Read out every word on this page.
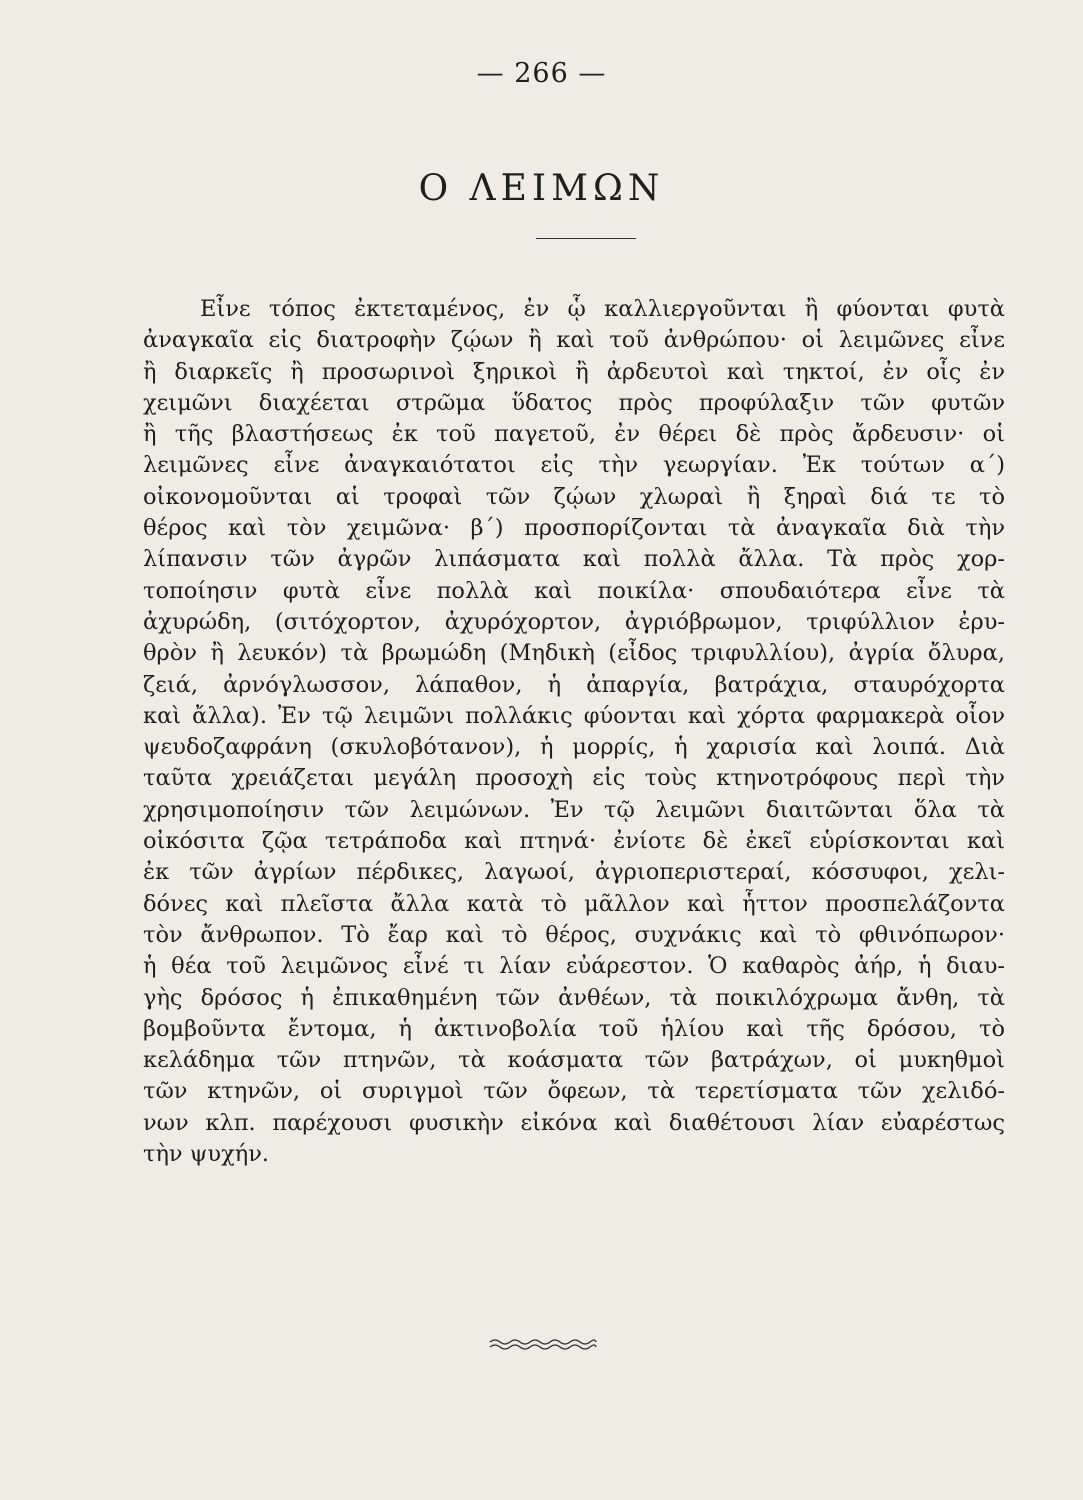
— 266 —
Ο ΛΕΙΜΩΝ
Εἶνε τόπος ἐκτεταμένος, ἐν ᾧ καλλιεργοῦνται ἢ φύονται φυτὰ
ἀναγκαῖα εἰς διατροφὴν ζῴων ἢ καὶ τοῦ ἀνθρώπου· οἱ λειμῶνες εἶνε
ἢ διαρκεῖς ἢ προσωρινοὶ ξηρικοὶ ἢ ἀρδευτοὶ καὶ τηκτοί, ἐν οἷς ἐν
χειμῶνι διαχέεται στρῶμα ὕδατος πρὸς προφύλαξιν τῶν φυτῶν
ἢ τῆς βλαστήσεως ἐκ τοῦ παγετοῦ, ἐν θέρει δὲ πρὸς ἄρδευσιν· οἱ
λειμῶνες εἶνε ἀναγκαιότατοι εἰς τὴν γεωργίαν. Ἐκ τούτων α΄)
οἰκονομοῦνται αἱ τροφαὶ τῶν ζῴων χλωραὶ ἢ ξηραὶ διά τε τὸ
θέρος καὶ τὸν χειμῶνα· β΄) προσπορίζονται τὰ ἀναγκαῖα διὰ τὴν
λίπανσιν τῶν ἀγρῶν λιπάσματα καὶ πολλὰ ἄλλα. Τὰ πρὸς χορ-
τοποίησιν φυτὰ εἶνε πολλὰ καὶ ποικίλα· σπουδαιότερα εἶνε τὰ
ἀχυρώδη, (σιτόχορτον, ἀχυρόχορτον, ἀγριόβρωμον, τριφύλλιον ἐρυ-
θρὸν ἢ λευκόν) τὰ βρωμώδη (Μηδικὴ (εἶδος τριφυλλίου), ἀγρία ὄλυρα,
ζειά, ἀρνόγλωσσον, λάπαθον, ἡ ἀπαργία, βατράχια, σταυρόχορτα
καὶ ἄλλα). Ἐν τῷ λειμῶνι πολλάκις φύονται καὶ χόρτα φαρμακερὰ οἷον
ψευδοζαφράνη (σκυλοβότανον), ἡ μορρίς, ἡ χαρισία καὶ λοιπά. Διὰ
ταῦτα χρειάζεται μεγάλη προσοχὴ εἰς τοὺς κτηνοτρόφους περὶ τὴν
χρησιμοποίησιν τῶν λειμώνων. Ἐν τῷ λειμῶνι διαιτῶνται ὅλα τὰ
οἰκόσιτα ζῷα τετράποδα καὶ πτηνά· ἐνίοτε δὲ ἐκεῖ εὑρίσκονται καὶ
ἐκ τῶν ἀγρίων πέρδικες, λαγωοί, ἀγριοπεριστεραί, κόσσυφοι, χελι-
δόνες καὶ πλεῖστα ἄλλα κατὰ τὸ μᾶλλον καὶ ἧττον προσπελάζοντα
τὸν ἄνθρωπον. Τὸ ἔαρ καὶ τὸ θέρος, συχνάκις καὶ τὸ φθινόπωρον·
ἡ θέα τοῦ λειμῶνος εἶνέ τι λίαν εὐάρεστον. Ὁ καθαρὸς ἀήρ, ἡ διαυ-
γὴς δρόσος ἡ ἐπικαθημένη τῶν ἀνθέων, τὰ ποικιλόχρωμα ἄνθη, τὰ
βομβοῦντα ἔντομα, ἡ ἀκτινοβολία τοῦ ἡλίου καὶ τῆς δρόσου, τὸ
κελάδημα τῶν πτηνῶν, τὰ κοάσματα τῶν βατράχων, οἱ μυκηθμοὶ
τῶν κτηνῶν, οἱ συριγμοὶ τῶν ὄφεων, τὰ τερετίσματα τῶν χελιδό-
νων κλπ. παρέχουσι φυσικὴν εἰκόνα καὶ διαθέτουσι λίαν εὐαρέστως
τὴν ψυχήν.
